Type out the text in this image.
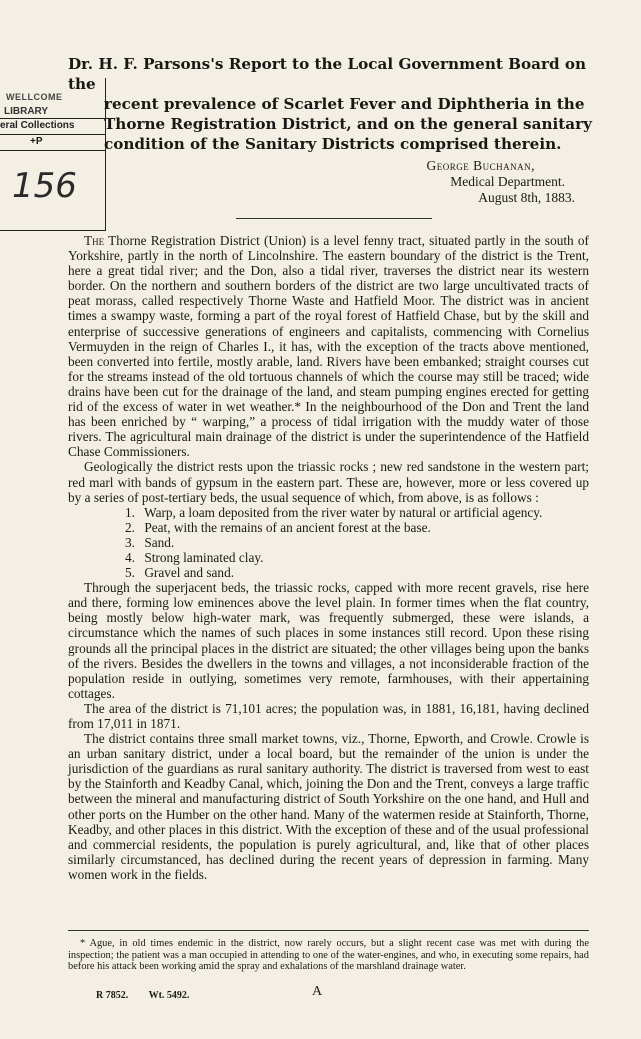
WELLCOME
LIBRARY
eral Collections
+P
156
Dr. H. F. Parsons's Report to the Local Government Board on the
recent prevalence of Scarlet Fever and Diphtheria in the
Thorne Registration District, and on the general sanitary
condition of the Sanitary Districts comprised therein.
George Buchanan,
Medical Department.
August 8th, 1883.

The Thorne Registration District (Union) is a level fenny tract, situated partly in the south of Yorkshire, partly in the north of Lincolnshire. The eastern boundary of the district is the Trent, here a great tidal river; and the Don, also a tidal river, traverses the district near its western border. On the northern and southern borders of the district are two large uncultivated tracts of peat morass, called respectively Thorne Waste and Hatfield Moor. The district was in ancient times a swampy waste, forming a part of the royal forest of Hatfield Chase, but by the skill and enterprise of successive generations of engineers and capitalists, commencing with Cornelius Vermuyden in the reign of Charles I., it has, with the exception of the tracts above mentioned, been converted into fertile, mostly arable, land. Rivers have been embanked; straight courses cut for the streams instead of the old tortuous channels of which the course may still be traced; wide drains have been cut for the drainage of the land, and steam pumping engines erected for getting rid of the excess of water in wet weather.* In the neighbourhood of the Don and Trent the land has been enriched by “ warping,” a process of tidal irrigation with the muddy water of those rivers. The agricultural main drainage of the district is under the superintendence of the Hatfield Chase Commissioners.

Geologically the district rests upon the triassic rocks ; new red sandstone in the western part; red marl with bands of gypsum in the eastern part. These are, however, more or less covered up by a series of post-tertiary beds, the usual sequence of which, from above, is as follows :

1. Warp, a loam deposited from the river water by natural or artificial agency.
2. Peat, with the remains of an ancient forest at the base.
3. Sand.
4. Strong laminated clay.
5. Gravel and sand.

Through the superjacent beds, the triassic rocks, capped with more recent gravels, rise here and there, forming low eminences above the level plain. In former times when the flat country, being mostly below high-water mark, was frequently submerged, these were islands, a circumstance which the names of such places in some instances still record. Upon these rising grounds all the principal places in the district are situated; the other villages being upon the banks of the rivers. Besides the dwellers in the towns and villages, a not inconsiderable fraction of the population reside in outlying, sometimes very remote, farmhouses, with their appertaining cottages.

The area of the district is 71,101 acres; the population was, in 1881, 16,181, having declined from 17,011 in 1871.

The district contains three small market towns, viz., Thorne, Epworth, and Crowle. Crowle is an urban sanitary district, under a local board, but the remainder of the union is under the jurisdiction of the guardians as rural sanitary authority. The district is traversed from west to east by the Stainforth and Keadby Canal, which, joining the Don and the Trent, conveys a large traffic between the mineral and manufacturing district of South Yorkshire on the one hand, and Hull and other ports on the Humber on the other hand. Many of the watermen reside at Stainforth, Thorne, Keadby, and other places in this district. With the exception of these and of the usual professional and commercial residents, the population is purely agricultural, and, like that of other places similarly circumstanced, has declined during the recent years of depression in farming. Many women work in the fields.

* Ague, in old times endemic in the district, now rarely occurs, but a slight recent case was met with during the inspection; the patient was a man occupied in attending to one of the water-engines, and who, in executing some repairs, had before his attack been working amid the spray and exhalations of the marshland drainage water.

R 7852. Wt. 5492.	A
